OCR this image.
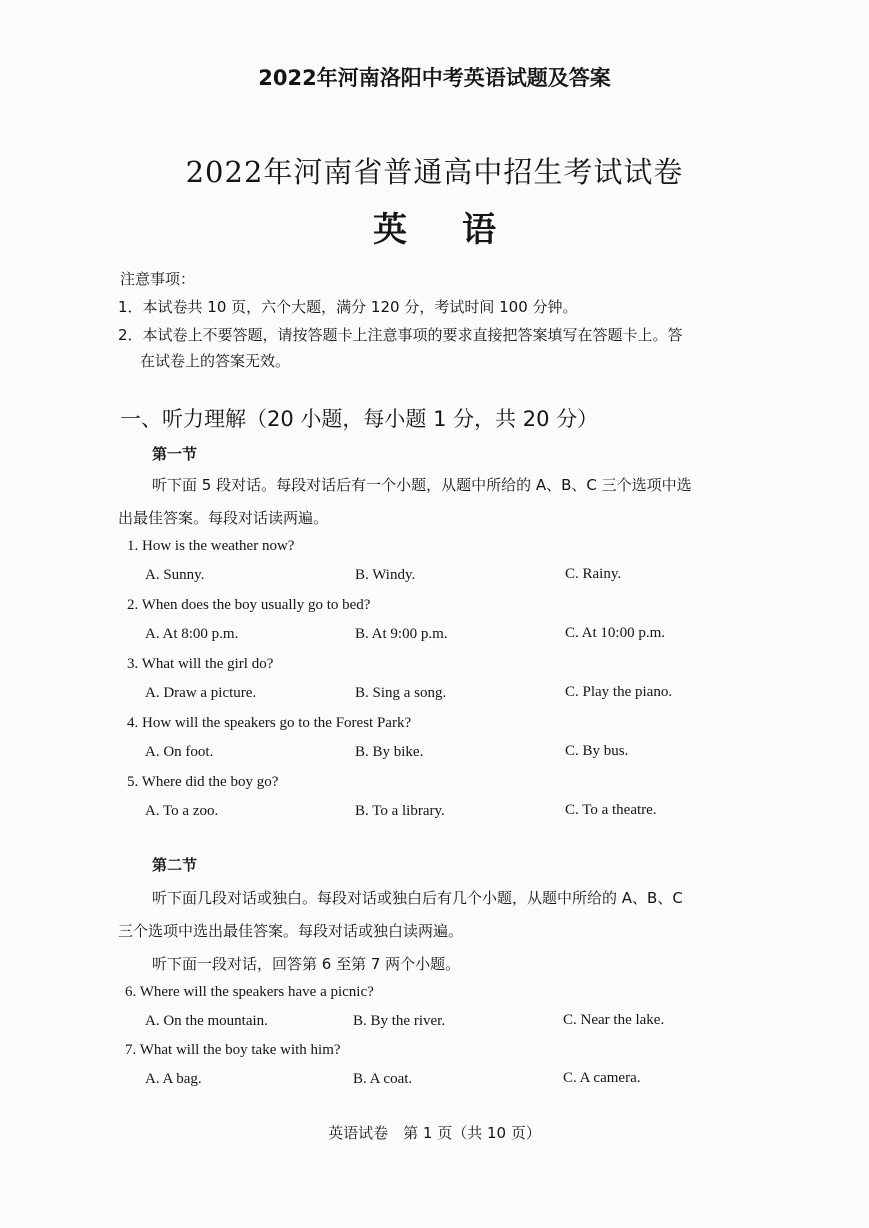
2022年河南洛阳中考英语试题及答案
2022年河南省普通高中招生考试试卷
英语
注意事项：
1．本试卷共 10 页，六个大题，满分 120 分，考试时间 100 分钟。
2．本试卷上不要答题，请按答题卡上注意事项的要求直接把答案填写在答题卡上。答
在试卷上的答案无效。
一、听力理解（20 小题，每小题 1 分，共 20 分）
第一节
听下面 5 段对话。每段对话后有一个小题，从题中所给的 A、B、C 三个选项中选
出最佳答案。每段对话读两遍。
1. How is the weather now?
A. Sunny.	B. Windy.	C. Rainy.
2. When does the boy usually go to bed?
A. At 8:00 p.m.	B. At 9:00 p.m.	C. At 10:00 p.m.
3. What will the girl do?
A. Draw a picture.	B. Sing a song.	C. Play the piano.
4. How will the speakers go to the Forest Park?
A. On foot.	B. By bike.	C. By bus.
5. Where did the boy go?
A. To a zoo.	B. To a library.	C. To a theatre.
第二节
听下面几段对话或独白。每段对话或独白后有几个小题，从题中所给的 A、B、C
三个选项中选出最佳答案。每段对话或独白读两遍。
听下面一段对话，回答第 6 至第 7 两个小题。
6. Where will the speakers have a picnic?
A. On the mountain.	B. By the river.	C. Near the lake.
7. What will the boy take with him?
A. A bag.	B. A coat.	C. A camera.
英语试卷　第 1 页（共 10 页）
